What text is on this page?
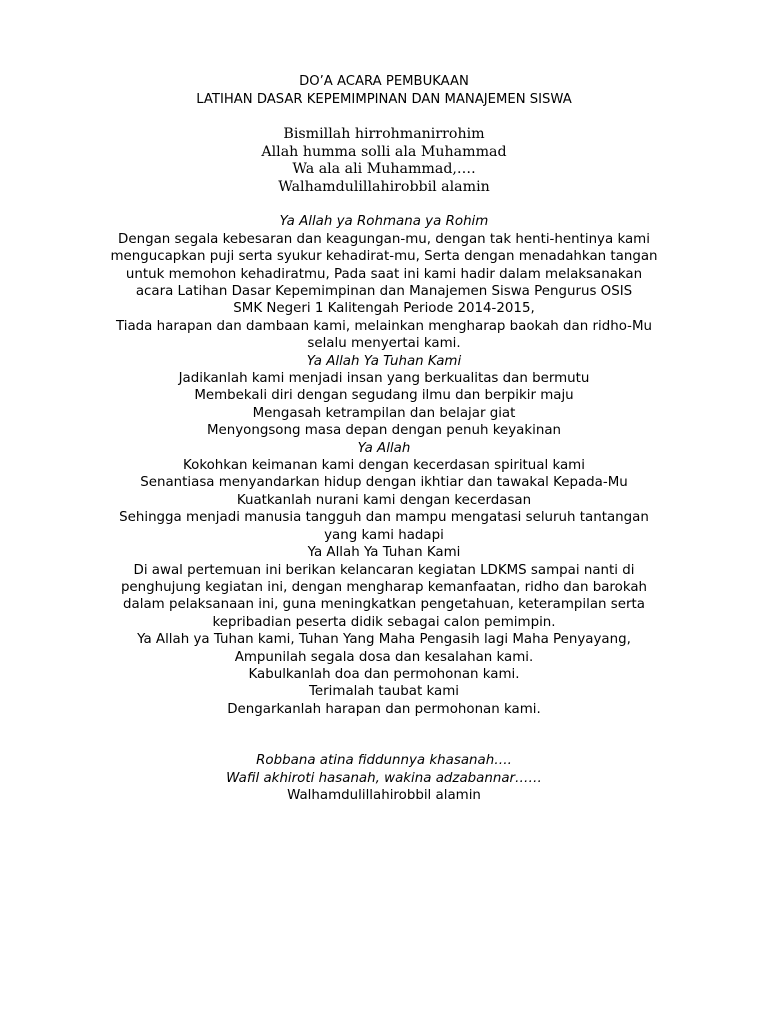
DO’A ACARA PEMBUKAAN
LATIHAN DASAR KEPEMIMPINAN DAN MANAJEMEN SISWA
Bismillah hirrohmanirrohim
Allah humma solli ala Muhammad
Wa ala ali Muhammad,….
Walhamdulillahirobbil alamin
Ya Allah ya Rohmana ya Rohim
Dengan segala kebesaran dan keagungan-mu, dengan tak henti-hentinya kami
mengucapkan puji serta syukur kehadirat-mu, Serta dengan menadahkan tangan
untuk memohon kehadiratmu, Pada saat ini kami hadir dalam melaksanakan
acara Latihan Dasar Kepemimpinan dan Manajemen Siswa Pengurus OSIS
SMK Negeri 1 Kalitengah Periode 2014-2015,
Tiada harapan dan dambaan kami, melainkan mengharap baokah dan ridho-Mu
selalu menyertai kami.
Ya Allah Ya Tuhan Kami
Jadikanlah kami menjadi insan yang berkualitas dan bermutu
Membekali diri dengan segudang ilmu dan berpikir maju
Mengasah ketrampilan dan belajar giat
Menyongsong masa depan dengan penuh keyakinan
Ya Allah
Kokohkan keimanan kami dengan kecerdasan spiritual kami
Senantiasa menyandarkan hidup dengan ikhtiar dan tawakal Kepada-Mu
Kuatkanlah nurani kami dengan kecerdasan
Sehingga menjadi manusia tangguh dan mampu mengatasi seluruh tantangan
yang kami hadapi
Ya Allah Ya Tuhan Kami
Di awal pertemuan ini berikan kelancaran kegiatan LDKMS sampai nanti di
penghujung kegiatan ini, dengan mengharap kemanfaatan, ridho dan barokah
dalam pelaksanaan ini, guna meningkatkan pengetahuan, keterampilan serta
kepribadian peserta didik sebagai calon pemimpin.
Ya Allah ya Tuhan kami, Tuhan Yang Maha Pengasih lagi Maha Penyayang,
Ampunilah segala dosa dan kesalahan kami.
Kabulkanlah doa dan permohonan kami.
Terimalah taubat kami
Dengarkanlah harapan dan permohonan kami.
Robbana atina fiddunnya khasanah….
Wafil akhiroti hasanah, wakina adzabannar……
Walhamdulillahirobbil alamin
